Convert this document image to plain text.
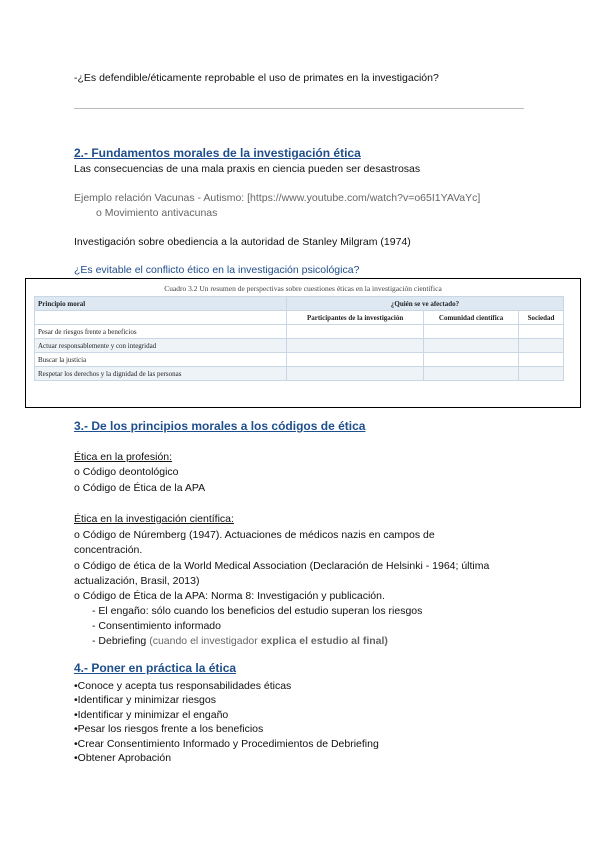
-¿Es defendible/éticamente reprobable el uso de primates en la investigación?
2.- Fundamentos morales de la investigación ética
Las consecuencias de una mala praxis en ciencia pueden ser desastrosas
Ejemplo relación Vacunas - Autismo: [https://www.youtube.com/watch?v=o65I1YAVaYc]
o Movimiento antivacunas
Investigación sobre obediencia a la autoridad de Stanley Milgram (1974)
¿Es evitable el conflicto ético en la investigación psicológica?
Cuadro 3.2 Un resumen de perspectivas sobre cuestiones éticas en la investigación científica
Principio moral	¿Quién se ve afectado?		
	Participantes de la investigación	Comunidad científica	Sociedad
Pesar de riesgos frente a beneficios			
Actuar responsablemente y con integridad			
Buscar la justicia			
Respetar los derechos y la dignidad de las personas			
3.- De los principios morales a los códigos de ética
Ética en la profesión:
o Código deontológico
o Código de Ética de la APA
Ética en la investigación científica:
o Código de Núremberg (1947). Actuaciones de médicos nazis en campos de
concentración.
o Código de ética de la World Medical Association (Declaración de Helsinki - 1964; última
actualización, Brasil, 2013)
o Código de Ética de la APA: Norma 8: Investigación y publicación.
- El engaño: sólo cuando los beneficios del estudio superan los riesgos
- Consentimiento informado
- Debriefing (cuando el investigador explica el estudio al final)
4.- Poner en práctica la ética
•Conoce y acepta tus responsabilidades éticas
•Identificar y minimizar riesgos
•Identificar y minimizar el engaño
•Pesar los riesgos frente a los beneficios
•Crear Consentimiento Informado y Procedimientos de Debriefing
•Obtener Aprobación
